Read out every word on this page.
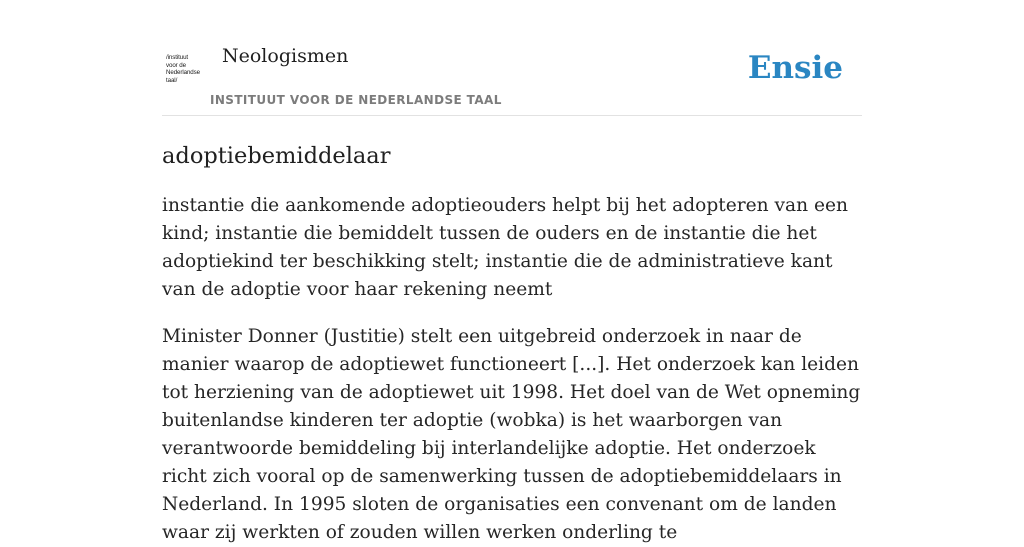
/instituut
voor de
Nederlandse
taal/
Neologismen
INSTITUUT VOOR DE NEDERLANDSE TAAL
Ensie
adoptiebemiddelaar

instantie die aankomende adoptieouders helpt bij het adopteren van een kind; instantie die bemiddelt tussen de ouders en de instantie die het adoptiekind ter beschikking stelt; instantie die de administratieve kant van de adoptie voor haar rekening neemt

Minister Donner (Justitie) stelt een uitgebreid onderzoek in naar de manier waarop de adoptiewet functioneert [...]. Het onderzoek kan leiden tot herziening van de adoptiewet uit 1998. Het doel van de Wet opneming buitenlandse kinderen ter adoptie (wobka) is het waarborgen van verantwoorde bemiddeling bij interlandelijke adoptie. Het onderzoek richt zich vooral op de samenwerking tussen de adoptiebemiddelaars in Nederland. In 1995 sloten de organisaties een convenant om de landen waar zij werkten of zouden willen werken onderling te
